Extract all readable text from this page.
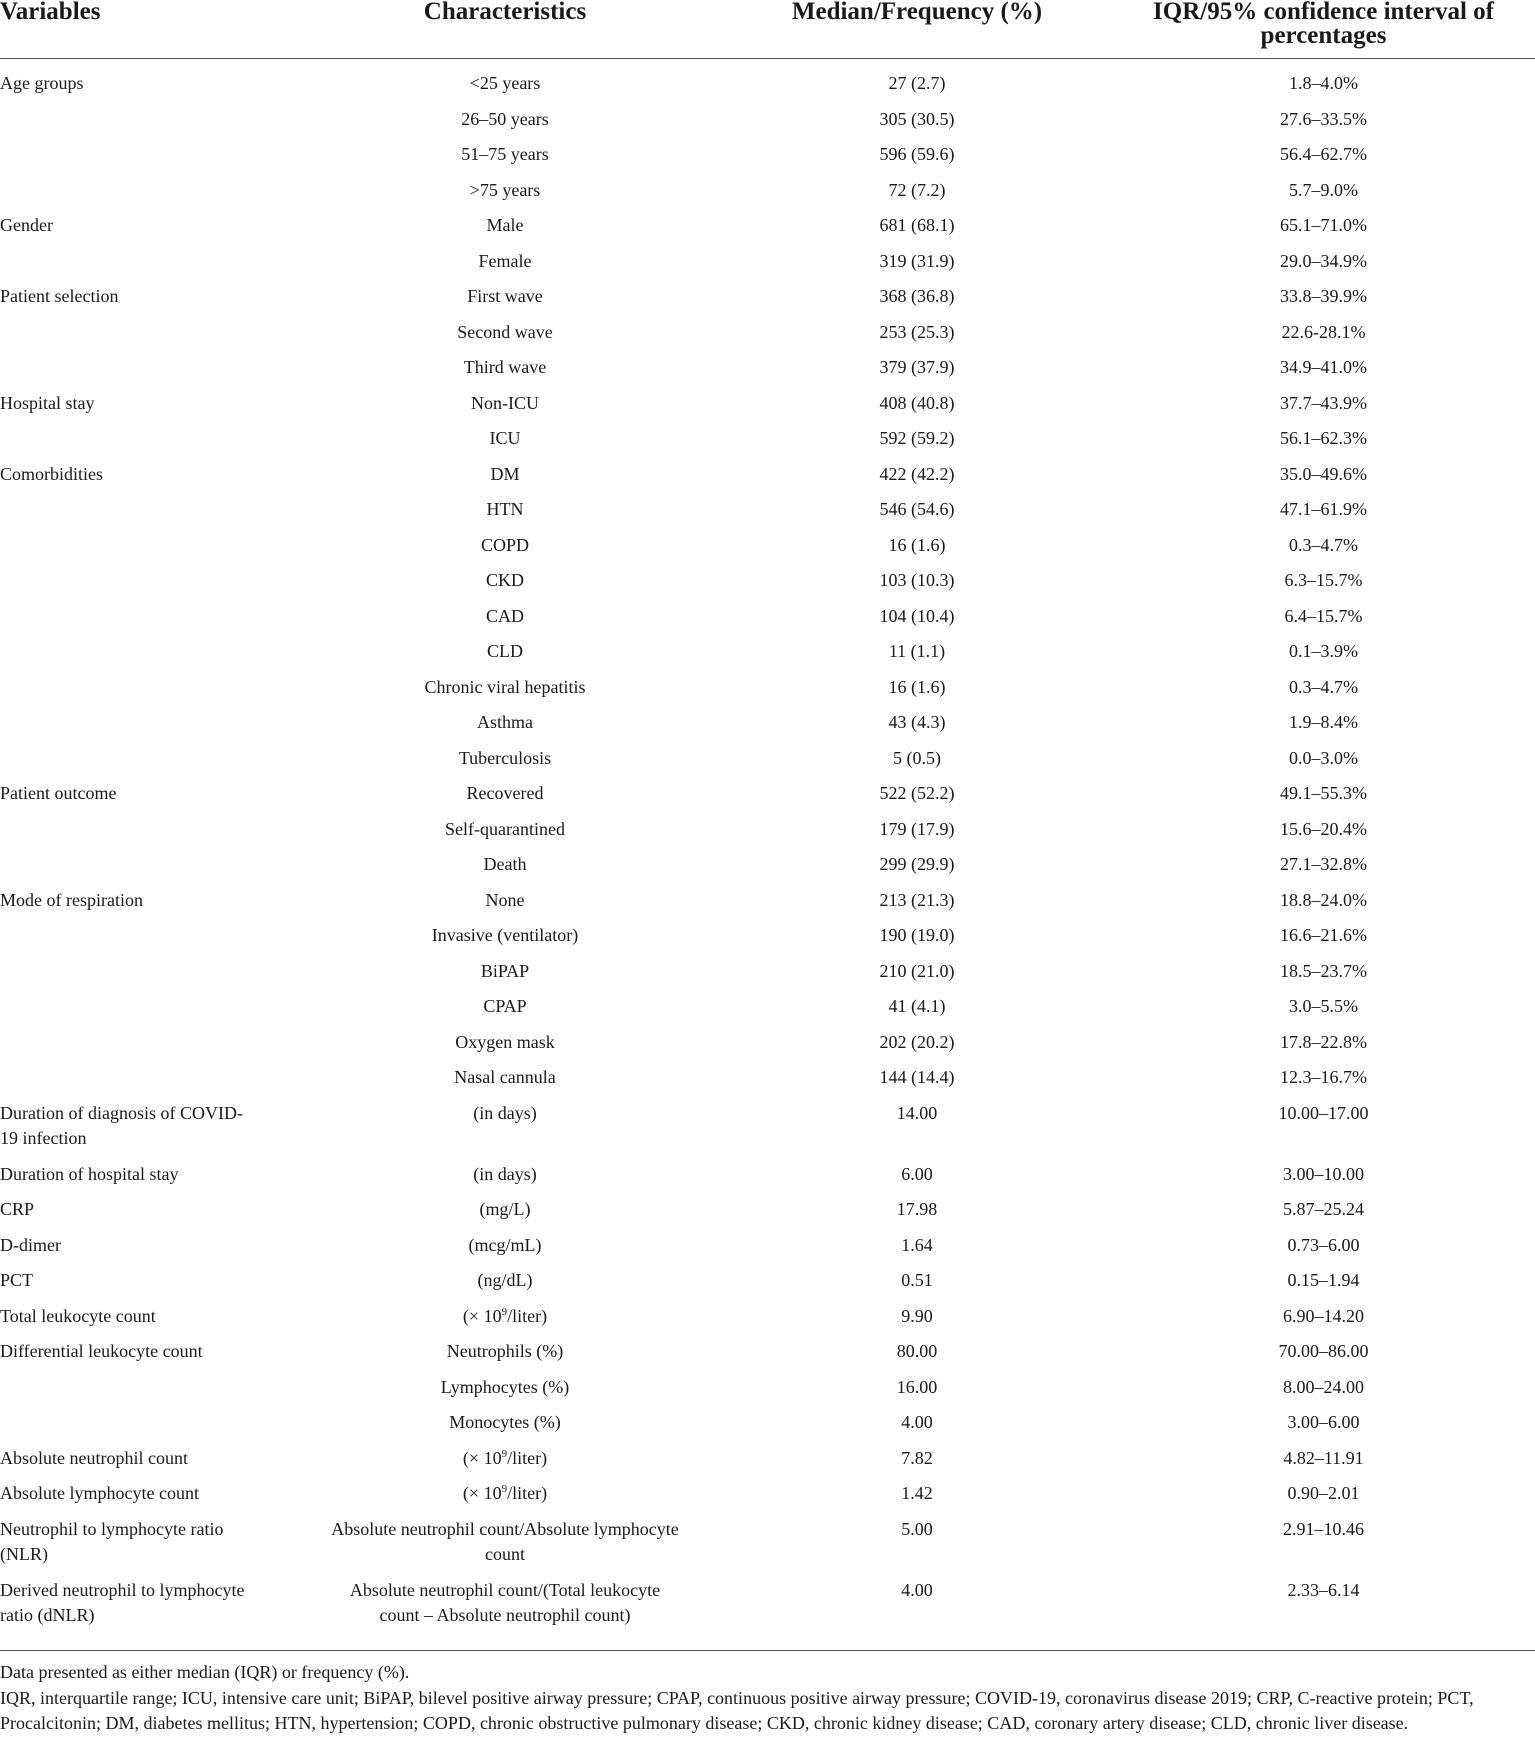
Variables	Characteristics	Median/Frequency (%)	IQR/95% confidence interval of percentages
Age groups	<25 years	27 (2.7)	1.8–4.0%
	26–50 years	305 (30.5)	27.6–33.5%
	51–75 years	596 (59.6)	56.4–62.7%
	>75 years	72 (7.2)	5.7–9.0%
Gender	Male	681 (68.1)	65.1–71.0%
	Female	319 (31.9)	29.0–34.9%
Patient selection	First wave	368 (36.8)	33.8–39.9%
	Second wave	253 (25.3)	22.6-28.1%
	Third wave	379 (37.9)	34.9–41.0%
Hospital stay	Non-ICU	408 (40.8)	37.7–43.9%
	ICU	592 (59.2)	56.1–62.3%
Comorbidities	DM	422 (42.2)	35.0–49.6%
	HTN	546 (54.6)	47.1–61.9%
	COPD	16 (1.6)	0.3–4.7%
	CKD	103 (10.3)	6.3–15.7%
	CAD	104 (10.4)	6.4–15.7%
	CLD	11 (1.1)	0.1–3.9%
	Chronic viral hepatitis	16 (1.6)	0.3–4.7%
	Asthma	43 (4.3)	1.9–8.4%
	Tuberculosis	5 (0.5)	0.0–3.0%
Patient outcome	Recovered	522 (52.2)	49.1–55.3%
	Self-quarantined	179 (17.9)	15.6–20.4%
	Death	299 (29.9)	27.1–32.8%
Mode of respiration	None	213 (21.3)	18.8–24.0%
	Invasive (ventilator)	190 (19.0)	16.6–21.6%
	BiPAP	210 (21.0)	18.5–23.7%
	CPAP	41 (4.1)	3.0–5.5%
	Oxygen mask	202 (20.2)	17.8–22.8%
	Nasal cannula	144 (14.4)	12.3–16.7%
Duration of diagnosis of COVID-19 infection	(in days)	14.00	10.00–17.00
Duration of hospital stay	(in days)	6.00	3.00–10.00
CRP	(mg/L)	17.98	5.87–25.24
D-dimer	(mcg/mL)	1.64	0.73–6.00
PCT	(ng/dL)	0.51	0.15–1.94
Total leukocyte count	(× $10^9/liter$)	9.90	6.90–14.20
Differential leukocyte count	Neutrophils (%)	80.00	70.00–86.00
	Lymphocytes (%)	16.00	8.00–24.00
	Monocytes (%)	4.00	3.00–6.00
Absolute neutrophil count	(× $10^9/liter$)	7.82	4.82–11.91
Absolute lymphocyte count	(× $10^9/liter$)	1.42	0.90–2.01
Neutrophil to lymphocyte ratio (NLR)	Absolute neutrophil count/Absolute lymphocyte count	5.00	2.91–10.46
Derived neutrophil to lymphocyte ratio (dNLR)	Absolute neutrophil count/(Total leukocyte count – Absolute neutrophil count)	4.00	2.33–6.14

Data presented as either median (IQR) or frequency (%).

IQR, interquartile range; ICU, intensive care unit; BiPAP, bilevel positive airway pressure; CPAP, continuous positive airway pressure; COVID-19, coronavirus disease 2019; CRP, C-reactive protein; PCT, Procalcitonin; DM, diabetes mellitus; HTN, hypertension; COPD, chronic obstructive pulmonary disease; CKD, chronic kidney disease; CAD, coronary artery disease; CLD, chronic liver disease.
